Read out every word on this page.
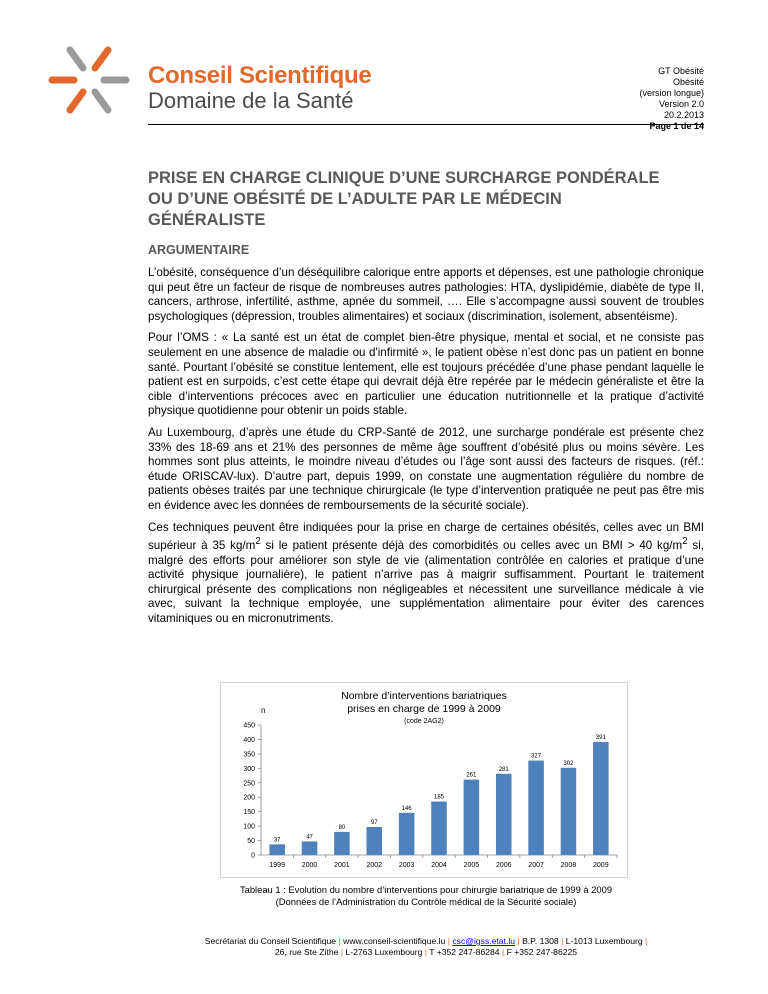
Conseil Scientifique
Domaine de la Santé
GT Obésité
Obésité
(version longue)
Version 2.0
20.2.2013
Page 1 de 14
PRISE EN CHARGE CLINIQUE D’UNE SURCHARGE PONDÉRALE OU D’UNE OBÉSITÉ DE L’ADULTE PAR LE MÉDECIN GÉNÉRALISTE
ARGUMENTAIRE

L’obésité, conséquence d’un déséquilibre calorique entre apports et dépenses, est une pathologie chronique qui peut être un facteur de risque de nombreuses autres pathologies: HTA, dyslipidémie, diabète de type II, cancers, arthrose, infertilité, asthme, apnée du sommeil, …. Elle s’accompagne aussi souvent de troubles psychologiques (dépression, troubles alimentaires) et sociaux (discrimination, isolement, absentéisme).

Pour l’OMS : « La santé est un état de complet bien-être physique, mental et social, et ne consiste pas seulement en une absence de maladie ou d'infirmité », le patient obèse n’est donc pas un patient en bonne santé. Pourtant l’obésité se constitue lentement, elle est toujours précédée d’une phase pendant laquelle le patient est en surpoids, c’est cette étape qui devrait déjà être repérée par le médecin généraliste et être la cible d’interventions précoces avec en particulier une éducation nutritionnelle et la pratique d’activité physique quotidienne pour obtenir un poids stable.

Au Luxembourg, d’après une étude du CRP-Santé de 2012, une surcharge pondérale est présente chez 33% des 18-69 ans et 21% des personnes de même âge souffrent d’obésité plus ou moins sévère. Les hommes sont plus atteints, le moindre niveau d’études ou l’âge sont aussi des facteurs de risques. (réf.: étude ORISCAV-lux). D’autre part, depuis 1999, on constate une augmentation régulière du nombre de patients obèses traités par une technique chirurgicale (le type d’intervention pratiquée ne peut pas être mis en évidence avec les données de remboursements de la sécurité sociale).

Ces techniques peuvent être indiquées pour la prise en charge de certaines obésités, celles avec un BMI supérieur à 35 $kg/m^2$ si le patient présente déjà des comorbidités ou celles avec un BMI > 40 $kg/m^2$ si, malgré des efforts pour améliorer son style de vie (alimentation contrôlée en calories et pratique d’une activité physique journalière), le patient n’arrive pas à maigrir suffisamment. Pourtant le traitement chirurgical présente des complications non négligeables et nécessitent une surveillance médicale à vie avec, suivant la technique employée, une supplémentation alimentaire pour éviter des carences vitaminiques ou en micronutriments.

Nombre d’interventions bariatriques
prises en charge de 1999 à 2009
(code 2AG2)
n
0
50
100
150
200
250
300
350
400
450
37
1999
47
2000
80
2001
97
2002
146
2003
185
2004
261
2005
281
2006
327
2007
302
2008
391
2009
Tableau 1 : Evolution du nombre d’interventions pour chirurgie bariatrique de 1999 à 2009
(Données de l’Administration du Contrôle médical de la Sécurité sociale)
Secrétariat du Conseil Scientifique | www.conseil-scientifique.lu | csc@igss.etat.lu | B.P. 1308 | L-1013 Luxembourg |
26, rue Ste Zithe | L-2763 Luxembourg | T +352 247-86284 | F +352 247-86225
